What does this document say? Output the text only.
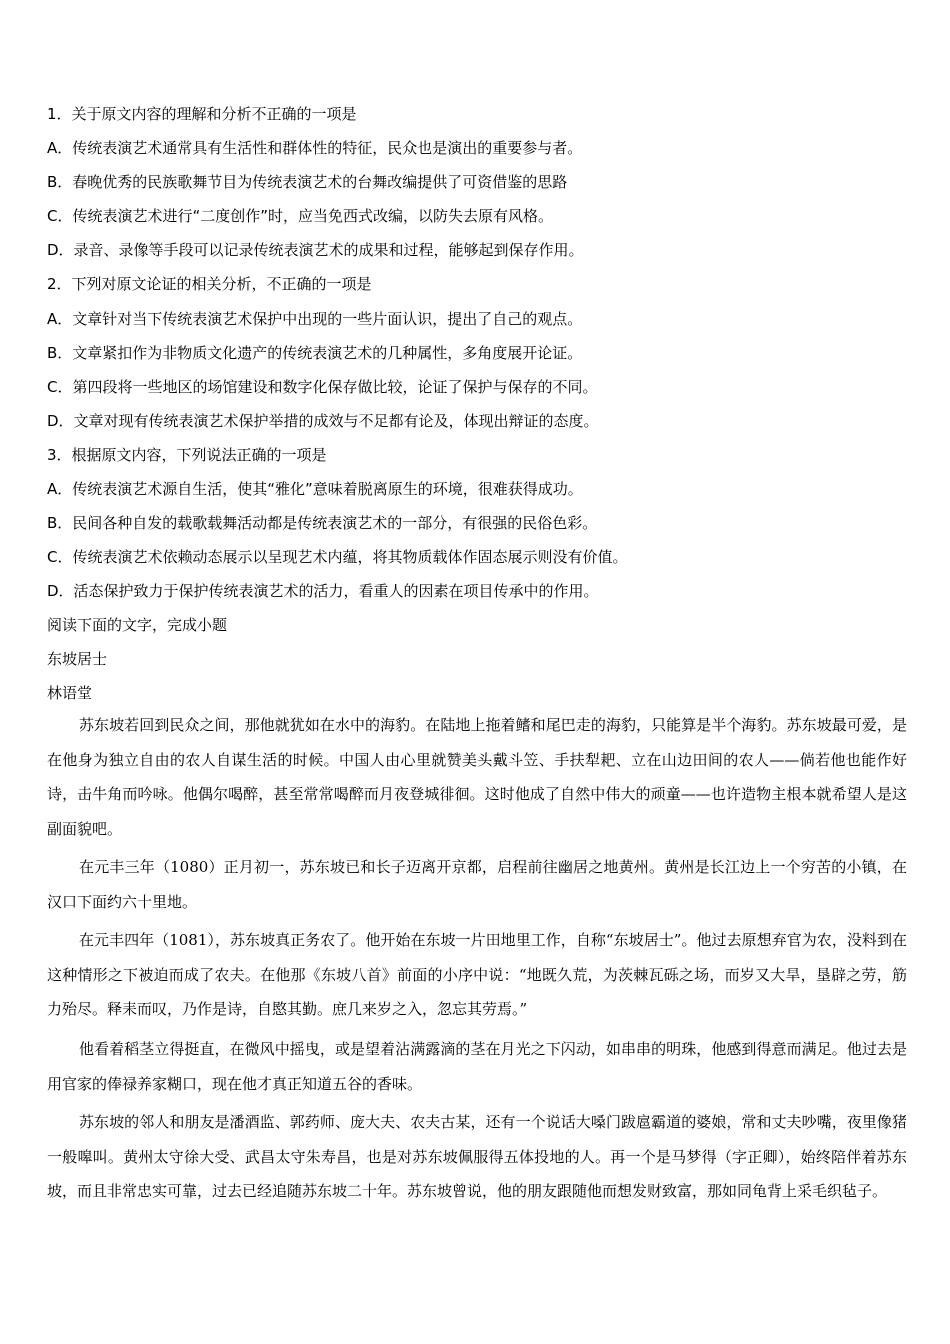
1．关于原文内容的理解和分析不正确的一项是
A．传统表演艺术通常具有生活性和群体性的特征，民众也是演出的重要参与者。
B．春晚优秀的民族歌舞节目为传统表演艺术的台舞改编提供了可资借鉴的思路
C．传统表演艺术进行“二度创作”时，应当免西式改编，以防失去原有风格。
D．录音、录像等手段可以记录传统表演艺术的成果和过程，能够起到保存作用。
2．下列对原文论证的相关分析，不正确的一项是
A．文章针对当下传统表演艺术保护中出现的一些片面认识，提出了自己的观点。
B．文章紧扣作为非物质文化遗产的传统表演艺术的几种属性，多角度展开论证。
C．第四段将一些地区的场馆建设和数字化保存做比较，论证了保护与保存的不同。
D．文章对现有传统表演艺术保护举措的成效与不足都有论及，体现出辩证的态度。
3．根据原文内容，下列说法正确的一项是
A．传统表演艺术源自生活，使其“雅化”意味着脱离原生的环境，很难获得成功。
B．民间各种自发的载歌载舞活动都是传统表演艺术的一部分，有很强的民俗色彩。
C．传统表演艺术依赖动态展示以呈现艺术内蕴，将其物质载体作固态展示则没有价值。
D．活态保护致力于保护传统表演艺术的活力，看重人的因素在项目传承中的作用。
阅读下面的文字，完成小题
东坡居士
林语堂
苏东坡若回到民众之间，那他就犹如在水中的海豹。在陆地上拖着鳍和尾巴走的海豹，只能算是半个海豹。苏东坡最可爱，是在他身为独立自由的农人自谋生活的时候。中国人由心里就赞美头戴斗笠、手扶犁耙、立在山边田间的农人——倘若他也能作好诗，击牛角而吟咏。他偶尔喝醉，甚至常常喝醉而月夜登城徘徊。这时他成了自然中伟大的顽童——也许造物主根本就希望人是这副面貌吧。
在元丰三年（1080）正月初一，苏东坡已和长子迈离开京都，启程前往幽居之地黄州。黄州是长江边上一个穷苦的小镇，在汉口下面约六十里地。
在元丰四年（1081），苏东坡真正务农了。他开始在东坡一片田地里工作，自称“东坡居士”。他过去原想弃官为农，没料到在这种情形之下被迫而成了农夫。在他那《东坡八首》前面的小序中说：“地既久荒，为茨棘瓦砾之场，而岁又大旱，垦辟之劳，筋力殆尽。释耒而叹，乃作是诗，自愍其勤。庶几来岁之入，忽忘其劳焉。”
他看着稻茎立得挺直，在微风中摇曳，或是望着沾满露滴的茎在月光之下闪动，如串串的明珠，他感到得意而满足。他过去是用官家的俸禄养家糊口，现在他才真正知道五谷的香味。
苏东坡的邻人和朋友是潘酒监、郭药师、庞大夫、农夫古某，还有一个说话大嗓门跋扈霸道的婆娘，常和丈夫吵嘴，夜里像猪一般嗥叫。黄州太守徐大受、武昌太守朱寿昌，也是对苏东坡佩服得五体投地的人。再一个是马梦得（字正卿），始终陪伴着苏东坡，而且非常忠实可靠，过去已经追随苏东坡二十年。苏东坡曾说，他的朋友跟随他而想发财致富，那如同龟背上采毛织毡子。
